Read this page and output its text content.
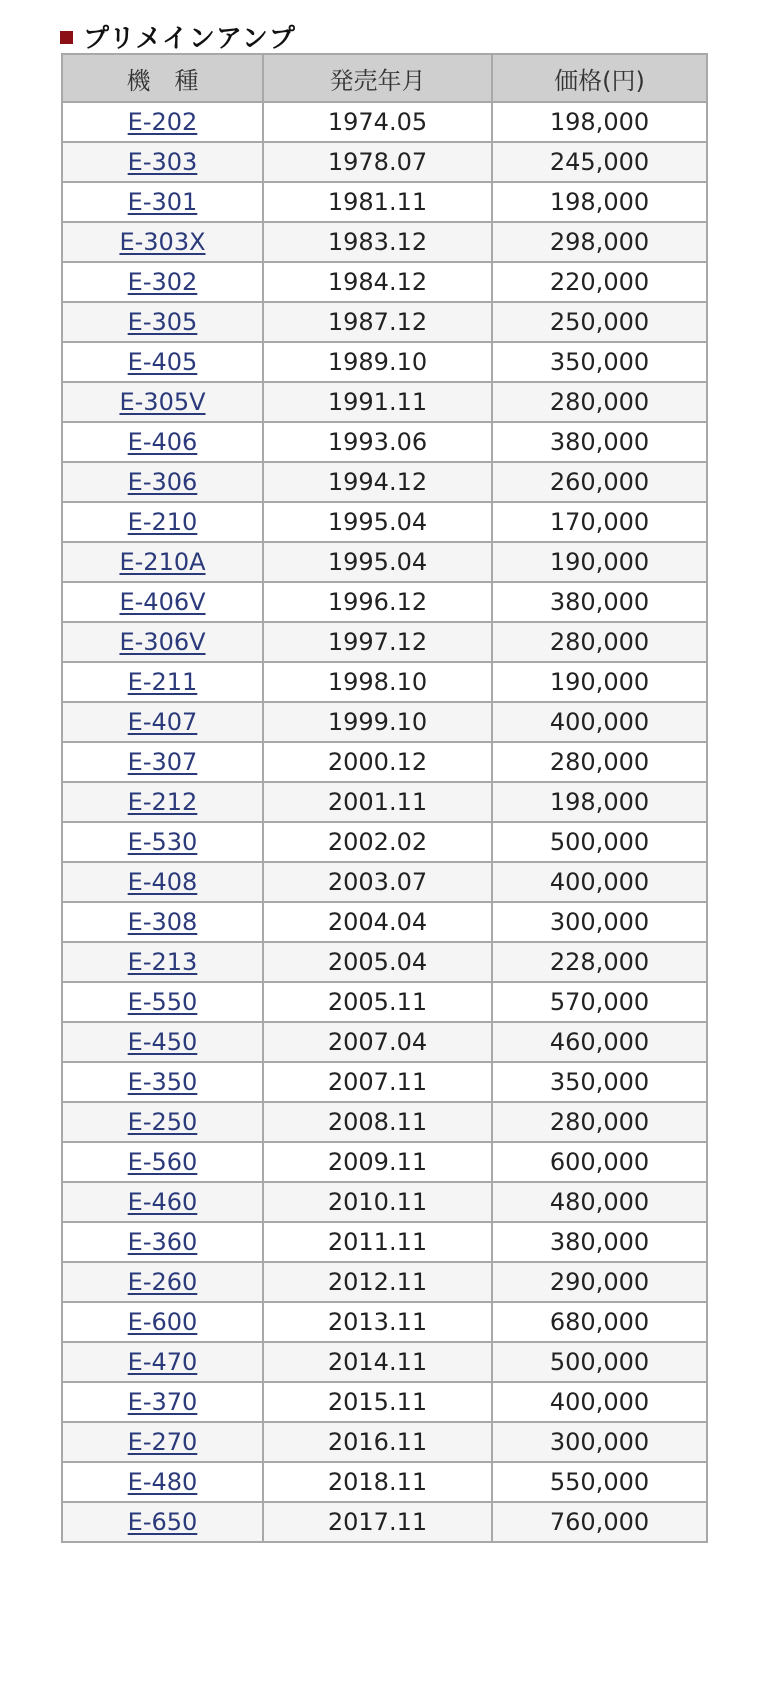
プリメインアンプ
機　種	発売年月	価格(円)
E-202	1974.05	198,000
E-303	1978.07	245,000
E-301	1981.11	198,000
E-303X	1983.12	298,000
E-302	1984.12	220,000
E-305	1987.12	250,000
E-405	1989.10	350,000
E-305V	1991.11	280,000
E-406	1993.06	380,000
E-306	1994.12	260,000
E-210	1995.04	170,000
E-210A	1995.04	190,000
E-406V	1996.12	380,000
E-306V	1997.12	280,000
E-211	1998.10	190,000
E-407	1999.10	400,000
E-307	2000.12	280,000
E-212	2001.11	198,000
E-530	2002.02	500,000
E-408	2003.07	400,000
E-308	2004.04	300,000
E-213	2005.04	228,000
E-550	2005.11	570,000
E-450	2007.04	460,000
E-350	2007.11	350,000
E-250	2008.11	280,000
E-560	2009.11	600,000
E-460	2010.11	480,000
E-360	2011.11	380,000
E-260	2012.11	290,000
E-600	2013.11	680,000
E-470	2014.11	500,000
E-370	2015.11	400,000
E-270	2016.11	300,000
E-480	2018.11	550,000
E-650	2017.11	760,000
